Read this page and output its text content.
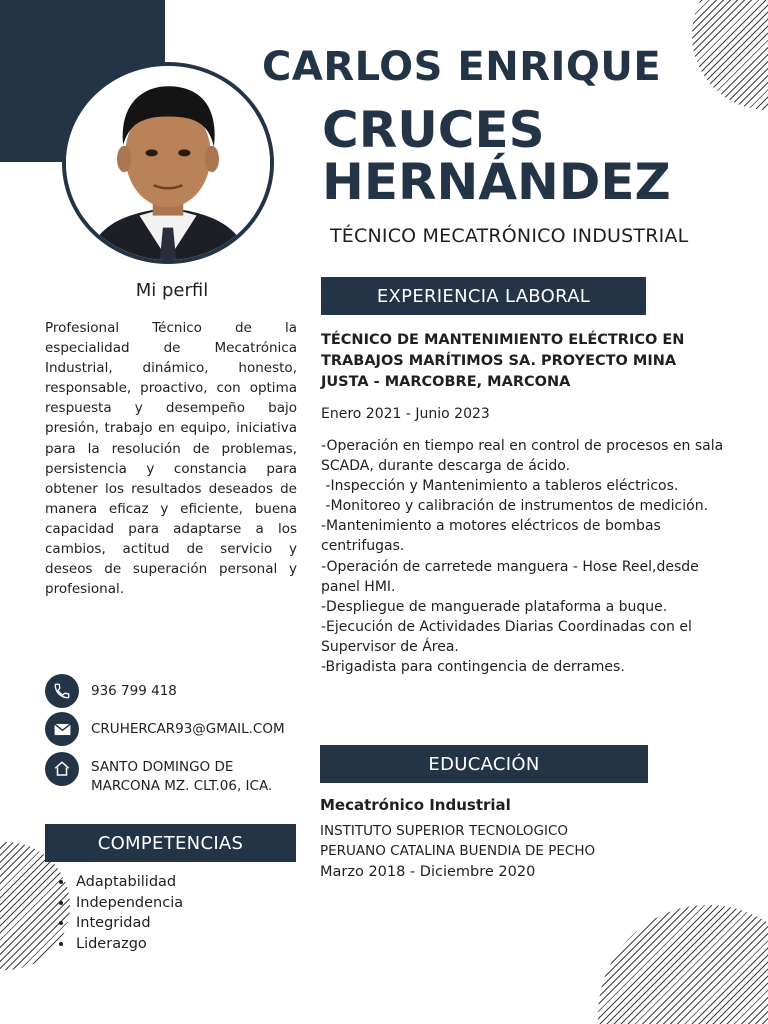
CARLOS ENRIQUE
CRUCES
HERNÁNDEZ
TÉCNICO MECATRÓNICO INDUSTRIAL
Mi perfil
Profesional Técnico de la especialidad de Mecatrónica Industrial, dinámico, honesto, responsable, proactivo, con optima respuesta y desempeño bajo presión, trabajo en equipo, iniciativa para la resolución de problemas, persistencia y constancia para obtener los resultados deseados de manera eficaz y eficiente, buena capacidad para adaptarse a los cambios, actitud de servicio y deseos de superación personal y profesional.
936 799 418
CRUHERCAR93@GMAIL.COM
SANTO DOMINGO DE
MARCONA MZ. CLT.06, ICA.
COMPETENCIAS
• Adaptabilidad
• Independencia
• Integridad
• Liderazgo
EXPERIENCIA LABORAL
TÉCNICO DE MANTENIMIENTO ELÉCTRICO EN TRABAJOS MARÍTIMOS SA. PROYECTO MINA JUSTA - MARCOBRE, MARCONA
Enero 2021 - Junio 2023
-Operación en tiempo real en control de procesos en sala SCADA, durante descarga de ácido.
-Inspección y Mantenimiento a tableros eléctricos.
-Monitoreo y calibración de instrumentos de medición.
-Mantenimiento a motores eléctricos de bombas centrifugas.
-Operación de carretede manguera - Hose Reel,desde panel HMI.
-Despliegue de manguerade plataforma a buque.
-Ejecución de Actividades Diarias Coordinadas con el Supervisor de Área.
-Brigadista para contingencia de derrames.
EDUCACIÓN
Mecatrónico Industrial
INSTITUTO SUPERIOR TECNOLOGICO
PERUANO CATALINA BUENDIA DE PECHO
Marzo 2018 - Diciembre 2020
